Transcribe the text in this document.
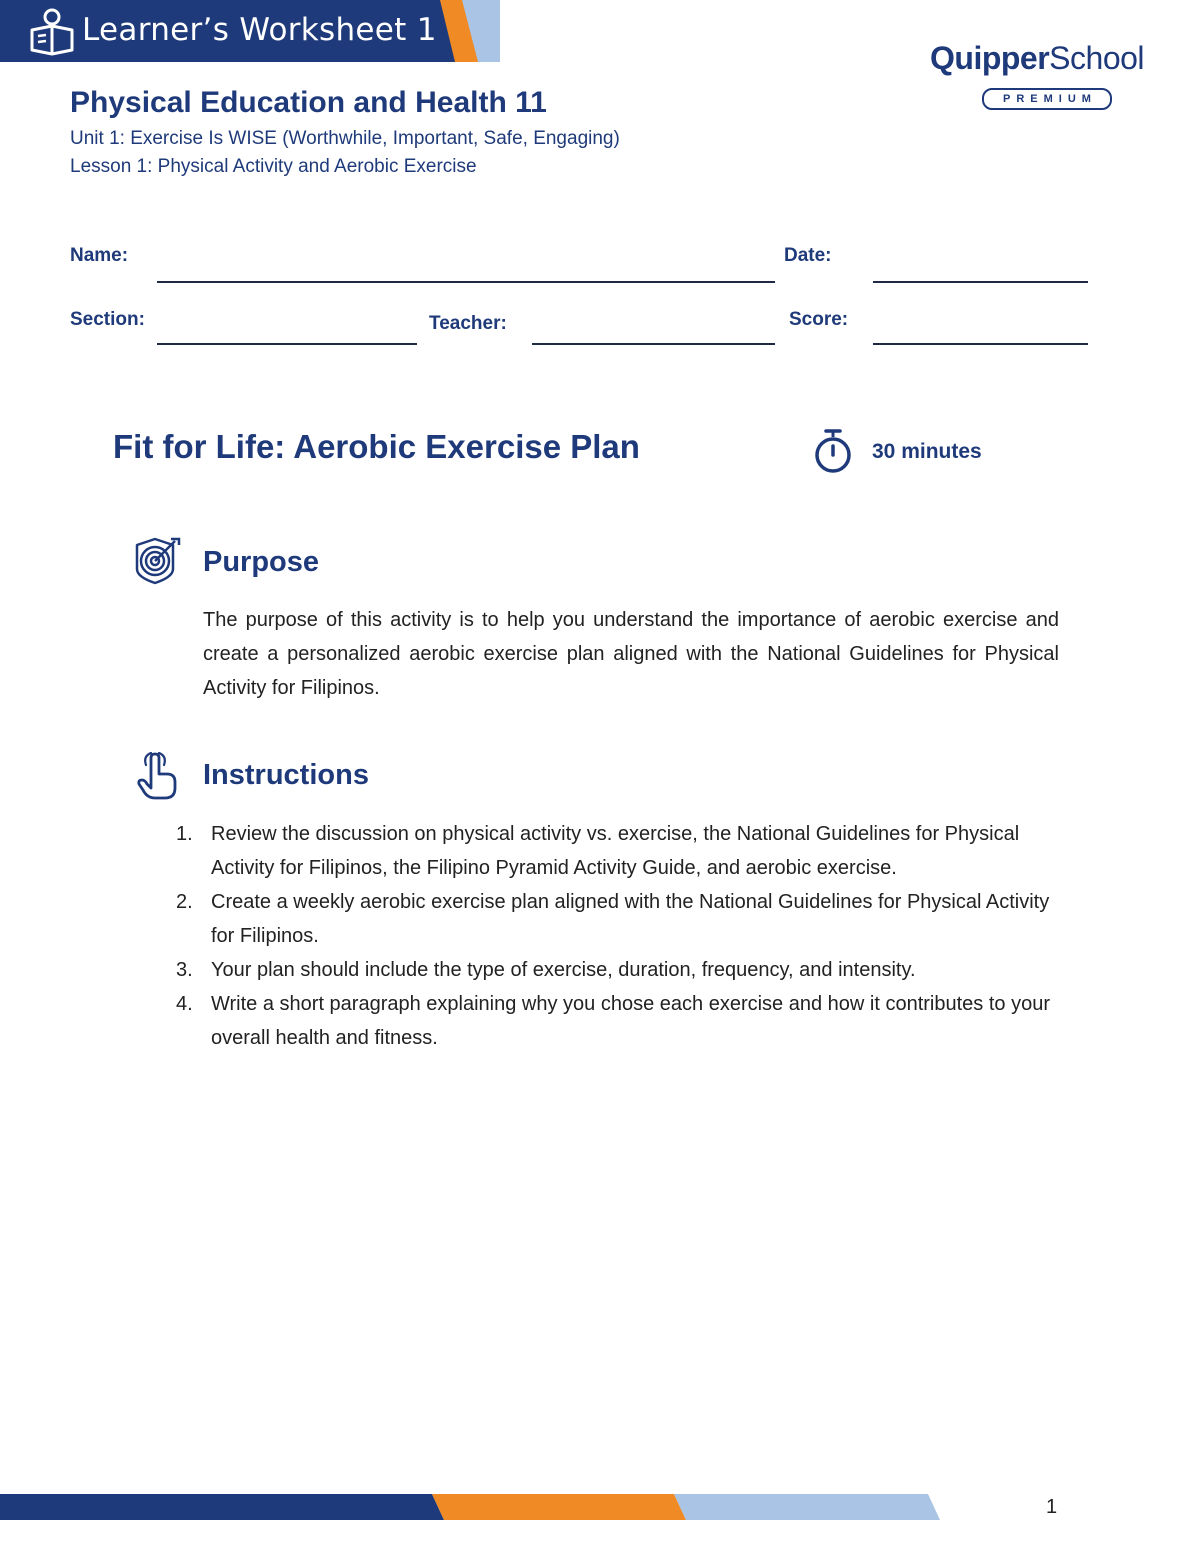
Learner’s Worksheet 1
QuipperSchool
PREMIUM
Physical Education and Health 11
Unit 1: Exercise Is WISE (Worthwhile, Important, Safe, Engaging)
Lesson 1: Physical Activity and Aerobic Exercise
Name:	Date:
Section:	Teacher:	Score:
Fit for Life: Aerobic Exercise Plan	30 minutes
Purpose

The purpose of this activity is to help you understand the importance of aerobic exercise and create a personalized aerobic exercise plan aligned with the National Guidelines for Physical Activity for Filipinos.

Instructions
1. Review the discussion on physical activity vs. exercise, the National Guidelines for Physical Activity for Filipinos, the Filipino Pyramid Activity Guide, and aerobic exercise.
2. Create a weekly aerobic exercise plan aligned with the National Guidelines for Physical Activity for Filipinos.
3. Your plan should include the type of exercise, duration, frequency, and intensity.
4. Write a short paragraph explaining why you chose each exercise and how it contributes to your overall health and fitness.
1
